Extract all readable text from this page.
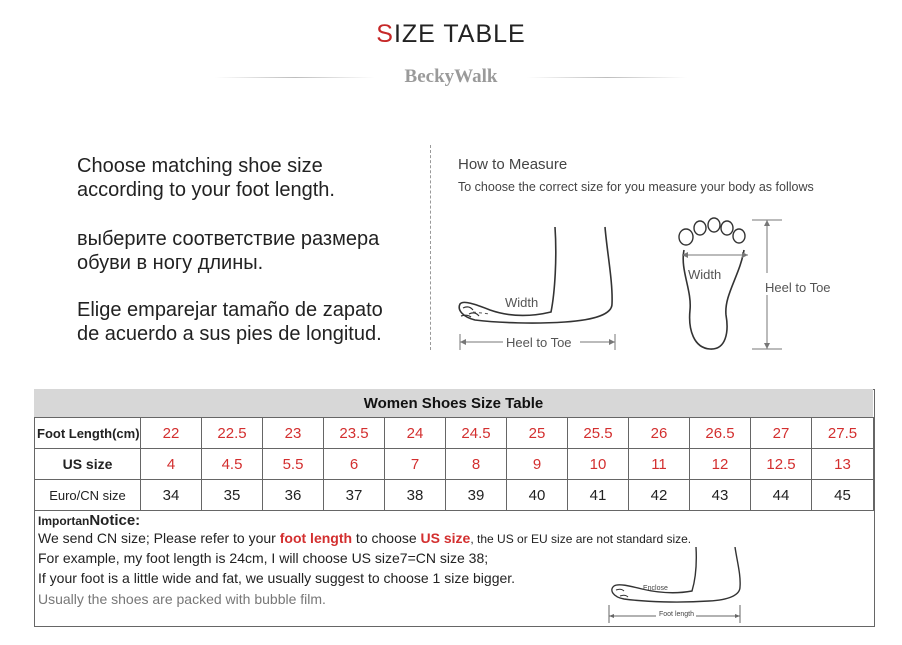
SIZE TABLE
BeckyWalk
Choose matching shoe size
according to your foot length.
выберите соответствие размера
обуви в ногу длины.
Elige emparejar tamaño de zapato
de acuerdo a sus pies de longitud.
How to Measure
To choose the correct size for you measure your body as follows
Width
Heel to Toe
Width
Heel to Toe
Women Shoes Size Table
Foot Length(cm)	22	22.5	23	23.5	24	24.5	25	25.5	26	26.5	27	27.5
US size	4	4.5	5.5	6	7	8	9	10	11	12	12.5	13
Euro/CN size	34	35	36	37	38	39	40	41	42	43	44	45
ImportanNotice:
We send CN size; Please refer to your foot length to choose US size, the US or EU size are not standard size.
For example, my foot length is 24cm, I will choose US size7=CN size 38;
If your foot is a little wide and fat, we usually suggest to choose 1 size bigger.
Usually the shoes are packed with bubble film.
Enclose
Foot length
